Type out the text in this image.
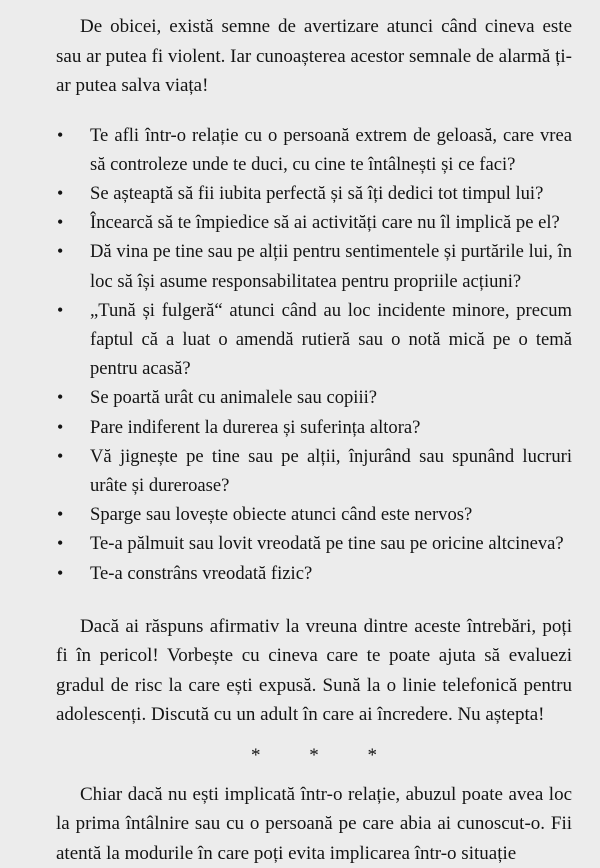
De obicei, există semne de avertizare atunci când cineva este sau ar putea fi violent. Iar cunoașterea acestor semnale de alarmă ți-ar putea salva viața!

• Te afli într-o relație cu o persoană extrem de geloasă, care vrea să controleze unde te duci, cu cine te întâlnești și ce faci?
• Se așteaptă să fii iubita perfectă și să îți dedici tot timpul lui?
• Încearcă să te împiedice să ai activități care nu îl implică pe el?
• Dă vina pe tine sau pe alții pentru sentimentele și purtările lui, în loc să își asume responsabilitatea pentru propriile acțiuni?
• „Tună și fulgeră“ atunci când au loc incidente minore, precum faptul că a luat o amendă rutieră sau o notă mică pe o temă pentru acasă?
• Se poartă urât cu animalele sau copiii?
• Pare indiferent la durerea și suferința altora?
• Vă jignește pe tine sau pe alții, înjurând sau spunând lucruri urâte și dureroase?
• Sparge sau lovește obiecte atunci când este nervos?
• Te-a pălmuit sau lovit vreodată pe tine sau pe oricine altcineva?
• Te-a constrâns vreodată fizic?

Dacă ai răspuns afirmativ la vreuna dintre aceste întrebări, poți fi în pericol! Vorbește cu cineva care te poate ajuta să evaluezi gradul de risc la care ești expusă. Sună la o linie telefonică pentru adolescenți. Discută cu un adult în care ai încredere. Nu aștepta!

* * *

Chiar dacă nu ești implicată într-o relație, abuzul poate avea loc la prima întâlnire sau cu o persoană pe care abia ai cunoscut-o. Fii atentă la modurile în care poți evita implicarea într-o situație
